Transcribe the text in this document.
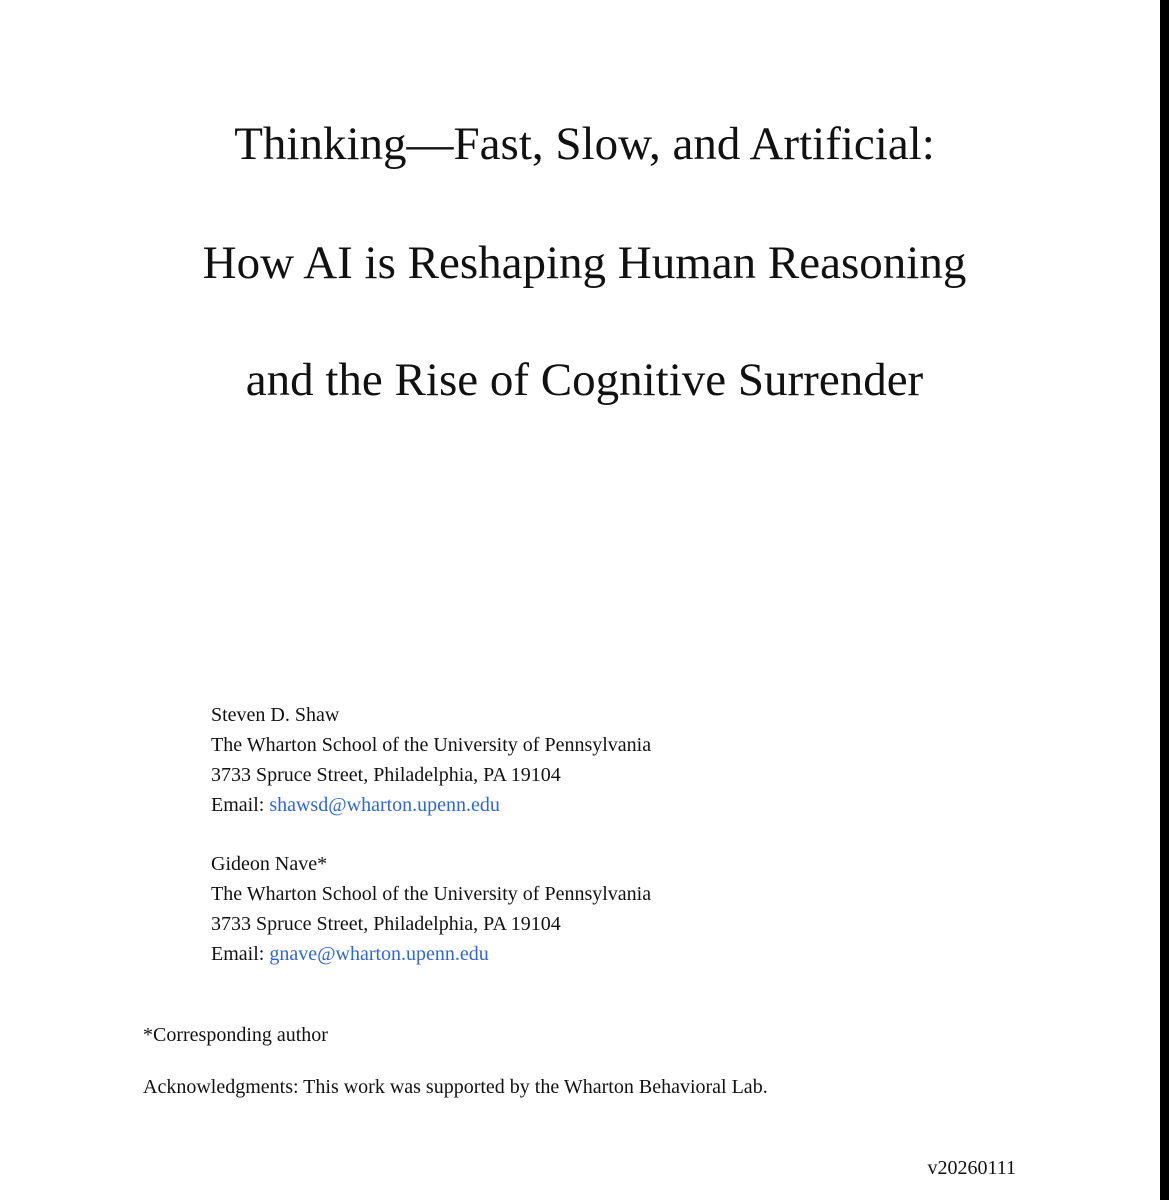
Thinking—Fast, Slow, and Artificial:
How AI is Reshaping Human Reasoning
and the Rise of Cognitive Surrender
Steven D. Shaw
The Wharton School of the University of Pennsylvania
3733 Spruce Street, Philadelphia, PA 19104
Email: shawsd@wharton.upenn.edu
Gideon Nave*
The Wharton School of the University of Pennsylvania
3733 Spruce Street, Philadelphia, PA 19104
Email: gnave@wharton.upenn.edu
*Corresponding author
Acknowledgments: This work was supported by the Wharton Behavioral Lab.
v20260111
